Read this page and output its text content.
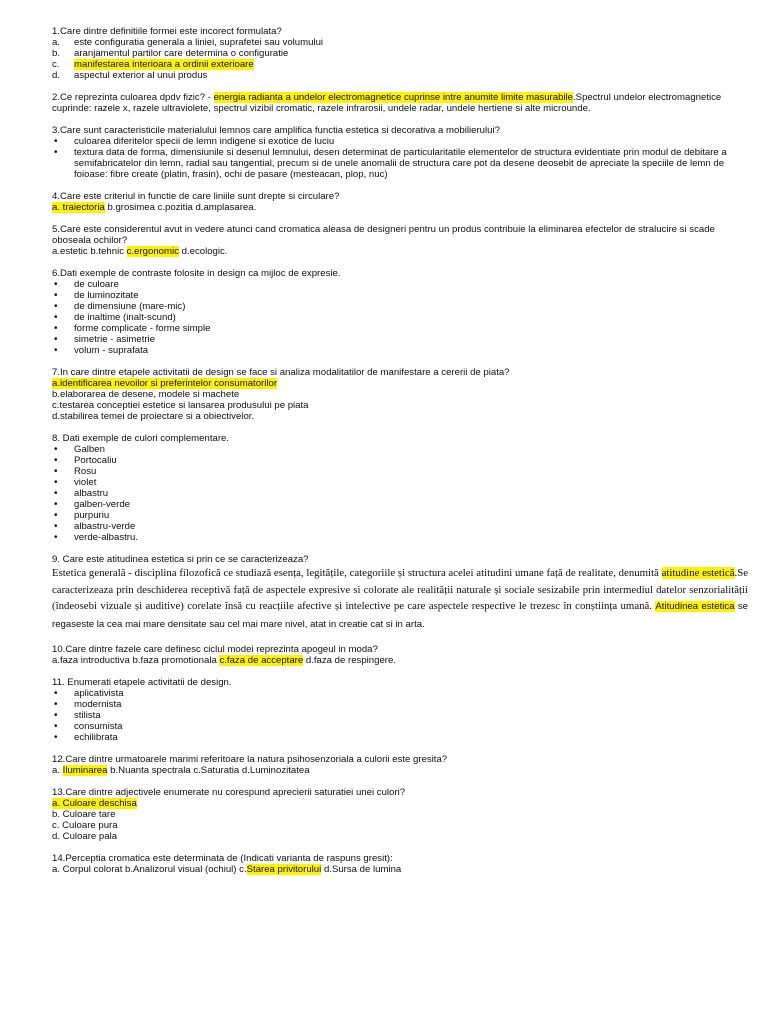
1.Care dintre definitiile formei este incorect formulata?

a. este configuratia generala a liniei, suprafetei sau volumului
b. aranjamentul partilor care determina o configuratie
c. manifestarea interioara a ordinii exterioare
d. aspectul exterior al unui produs

2.Ce reprezinta culoarea dpdv fizic? - energia radianta a undelor electromagnetice cuprinse intre anumite limite masurabile.Spectrul undelor electromagnetice cuprinde: razele x, razele ultraviolete, spectrul vizibil cromatic, razele infrarosii, undele radar, undele hertiene si alte microunde.

3.Care sunt caracteristicile materialului lemnos care amplifica functia estetica si decorativa a mobilierului?

• culoarea diferitelor specii de lemn indigene si exotice de luciu
• textura data de forma, dimensiunile si desenul lemnului, desen determinat de particularitatile elementelor de structura evidentiate prin modul de debitare a semifabricatelor din lemn, radial sau tangential, precum si de unele anomalii de structura care pot da desene deosebit de apreciate la speciile de lemn de foioase: fibre create (platin, frasin), ochi de pasare (mesteacan, plop, nuc)

4.Care este criteriul in functie de care liniile sunt drepte si circulare?

a. traiectoria b.grosimea c.pozitia d.amplasarea.

5.Care este considerentul avut in vedere atunci cand cromatica aleasa de designeri pentru un produs contribuie la eliminarea efectelor de stralucire si scade oboseala ochilor?

a.estetic b.tehnic c.ergonomic d.ecologic.

6.Dati exemple de contraste folosite in design ca mijloc de expresie.

• de culoare
• de luminozitate
• de dimensiune (mare-mic)
• de inaltime (inalt-scund)
• forme complicate - forme simple
• simetrie - asimetrie
• volum - suprafata

7.In care dintre etapele activitatii de design se face si analiza modalitatilor de manifestare a cererii de piata?

a.identificarea nevoilor si preferintelor consumatorilor

b.elaborarea de desene, modele si machete

c.testarea conceptiei estetice si lansarea produsului pe piata

d.stabilirea temei de proiectare si a obiectivelor.

8. Dati exemple de culori complementare.

• Galben
• Portocaliu
• Rosu
• violet
• albastru
• galben-verde
• purpuriu
• albastru-verde
• verde-albastru.

9. Care este atitudinea estetica si prin ce se caracterizeaza?

Estetica generală - disciplina filozofică ce studiază esența, legitățile, categoriile și structura acelei atitudini umane față de realitate, denumită atitudine estetică.Se caracterizeaza prin deschiderea receptivă față de aspectele expresive si colorate ale realității naturale și sociale sesizabile prin intermediul datelor senzorialității (îndeosebi vizuale și auditive) corelate însă cu reacțiile afective și intelective pe care aspectele respective le trezesc în conștiința umană. Atitudinea estetica se regaseste la cea mai mare densitate sau cel mai mare nivel, atat in creatie cat si in arta.

10.Care dintre fazele care definesc ciclul modei reprezinta apogeul in moda?

a.faza introductiva b.faza promotionala c.faza de acceptare d.faza de respingere.

11. Enumerati etapele activitatii de design.

• aplicativista
• modernista
• stilista
• consumista
• echilibrata

12.Care dintre urmatoarele marimi referitoare la natura psihosenzoriala a culorii este gresita?

a. Iluminarea b.Nuanta spectrala c.Saturatia d.Luminozitatea

13.Care dintre adjectivele enumerate nu corespund aprecierii saturatiei unei culori?

a. Culoare deschisa

b. Culoare tare

c. Culoare pura

d. Culoare pala

14.Perceptia cromatica este determinata de (Indicati varianta de raspuns gresit):

a. Corpul colorat b.Analizorul visual (ochiul) c.Starea privitorului d.Sursa de lumina
